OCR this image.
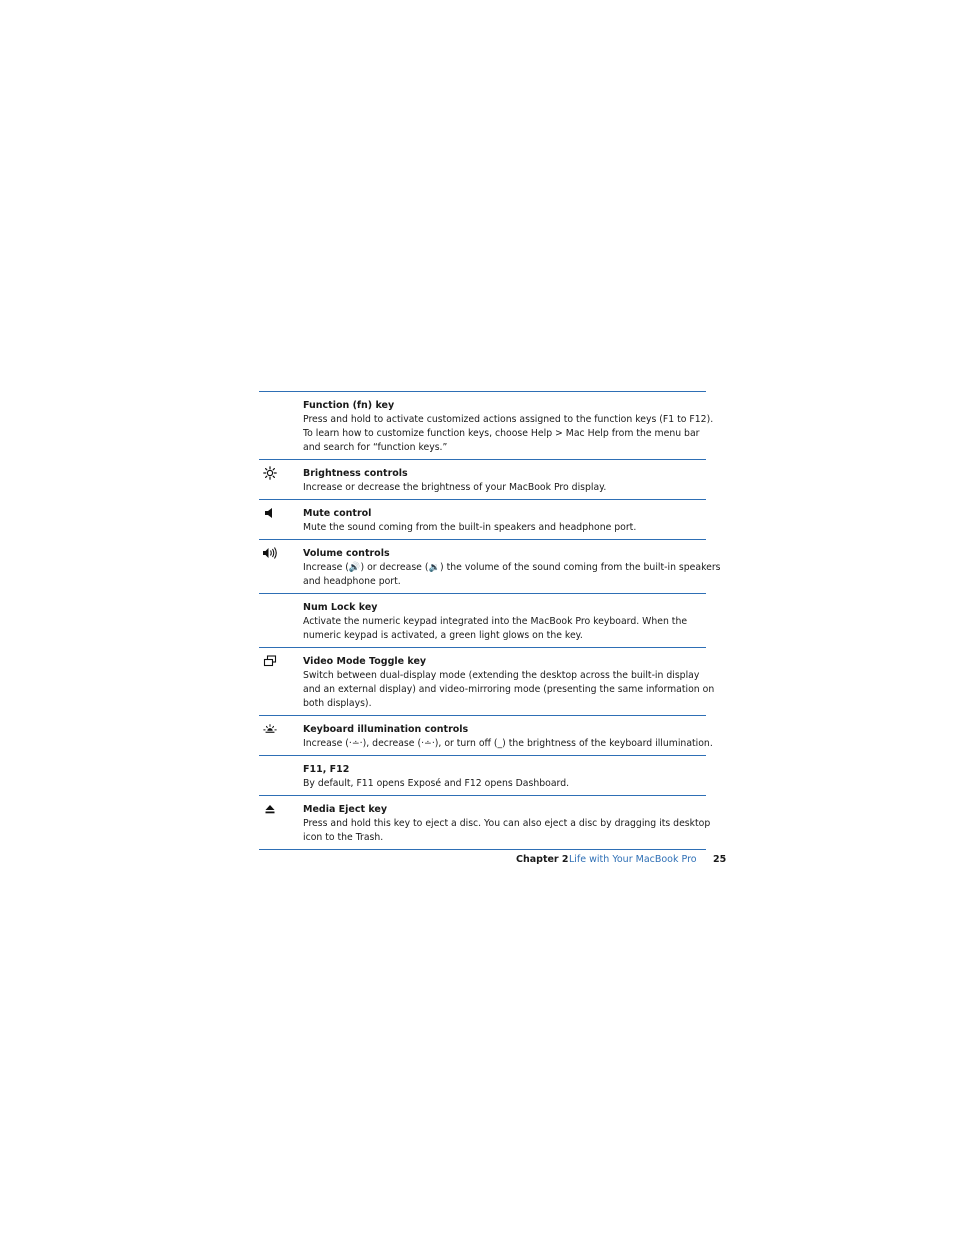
Function (fn) key
Press and hold to activate customized actions assigned to the function keys (F1 to F12).
To learn how to customize function keys, choose Help > Mac Help from the menu bar
and search for “function keys.”
Brightness controls
Increase or decrease the brightness of your MacBook Pro display.
Mute control
Mute the sound coming from the built-in speakers and headphone port.
Volume controls
Increase (🔊) or decrease (🔉) the volume of the sound coming from the built-in speakers
and headphone port.
Num Lock key
Activate the numeric keypad integrated into the MacBook Pro keyboard. When the
numeric keypad is activated, a green light glows on the key.
Video Mode Toggle key
Switch between dual-display mode (extending the desktop across the built-in display
and an external display) and video-mirroring mode (presenting the same information on
both displays).
Keyboard illumination controls
Increase (·∸·), decrease (·∸·), or turn off (_) the brightness of the keyboard illumination.
F11, F12
By default, F11 opens Exposé and F12 opens Dashboard.
Media Eject key
Press and hold this key to eject a disc. You can also eject a disc by dragging its desktop
icon to the Trash.
Chapter 2 Life with Your MacBook Pro 25
